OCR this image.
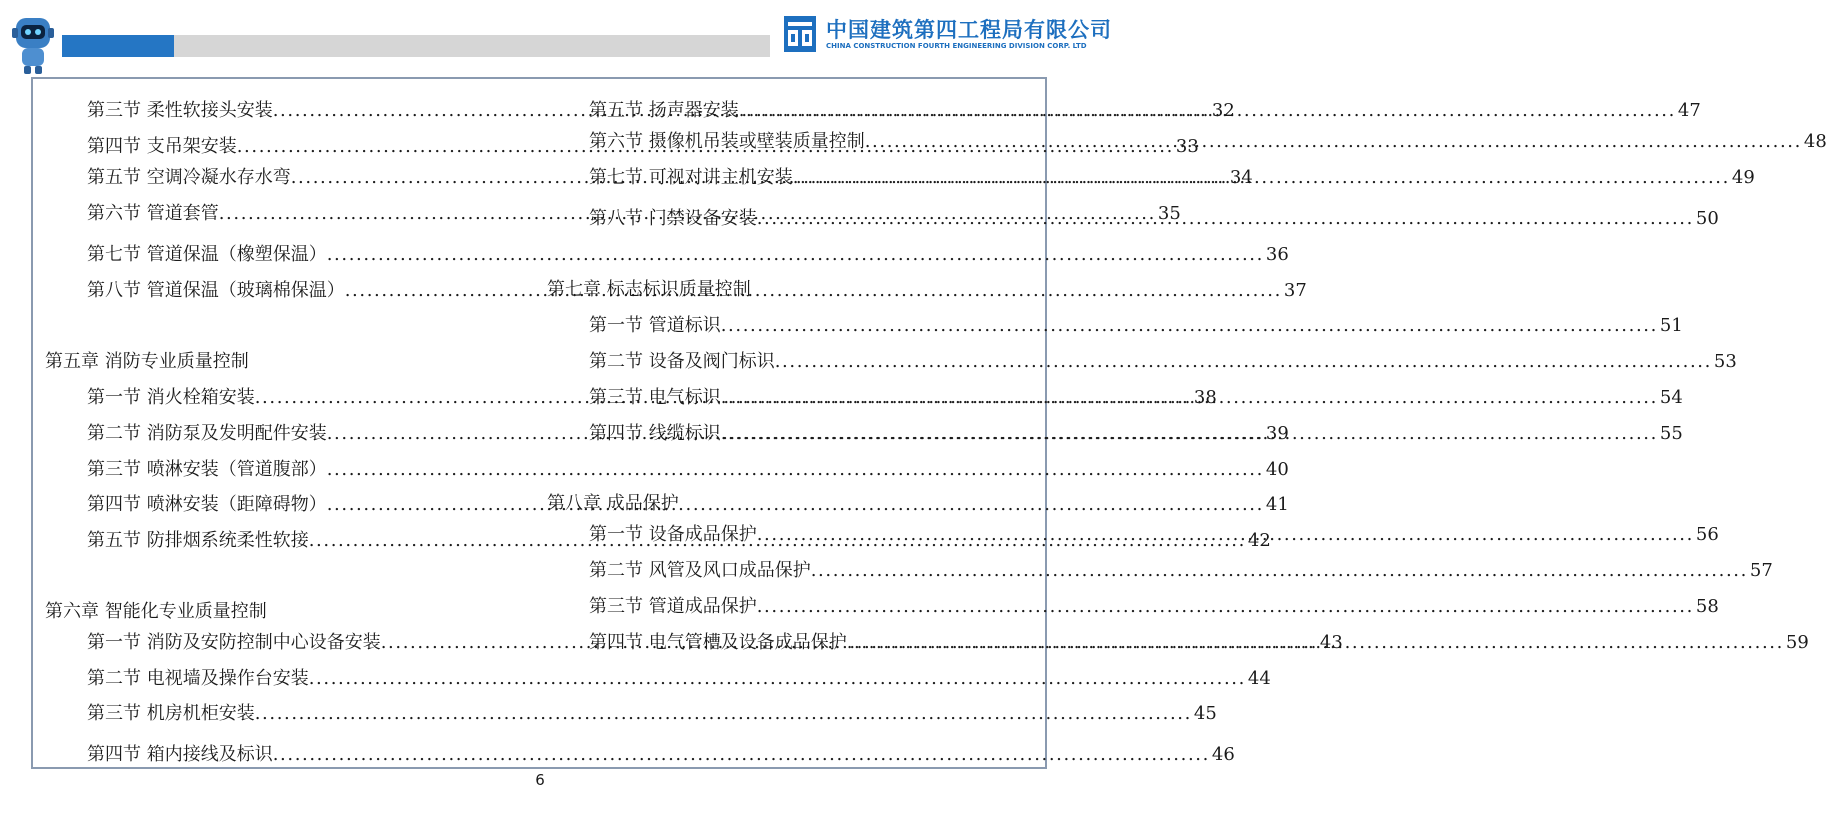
中国建筑第四工程局有限公司
CHINA CONSTRUCTION FOURTH ENGINEERING DIVISION CORP. LTD
第三节 柔性软接头安装 .....	32
第四节 支吊架安装 .....	33
第五节 空调冷凝水存水弯 .....	34
第六节 管道套管 .....	35
第七节 管道保温（橡塑保温） .....	36
第八节 管道保温（玻璃棉保温） .....	37
第五章 消防专业质量控制
第一节 消火栓箱安装 .....	38
第二节 消防泵及发明配件安装 .....	39
第三节 喷淋安装（管道腹部） .....	40
第四节 喷淋安装（距障碍物） .....	41
第五节 防排烟系统柔性软接 .....	42
第六章 智能化专业质量控制
第一节 消防及安防控制中心设备安装 .....	43
第二节 电视墙及操作台安装 .....	44
第三节 机房机柜安装 .....	45
第四节 箱内接线及标识 .....	46
第五节 扬声器安装 .....	47
第六节 摄像机吊装或壁装质量控制 .....	48
第七节 可视对讲主机安装 .....	49
第八节 门禁设备安装 .....	50
第七章 标志标识质量控制
第一节 管道标识 .....	51
第二节 设备及阀门标识 .....	53
第三节 电气标识 .....	54
第四节 线缆标识 .....	55
第八章 成品保护
第一节 设备成品保护 .....	56
第二节 风管及风口成品保护 .....	57
第三节 管道成品保护 .....	58
第四节 电气管槽及设备成品保护 .....	59
6
